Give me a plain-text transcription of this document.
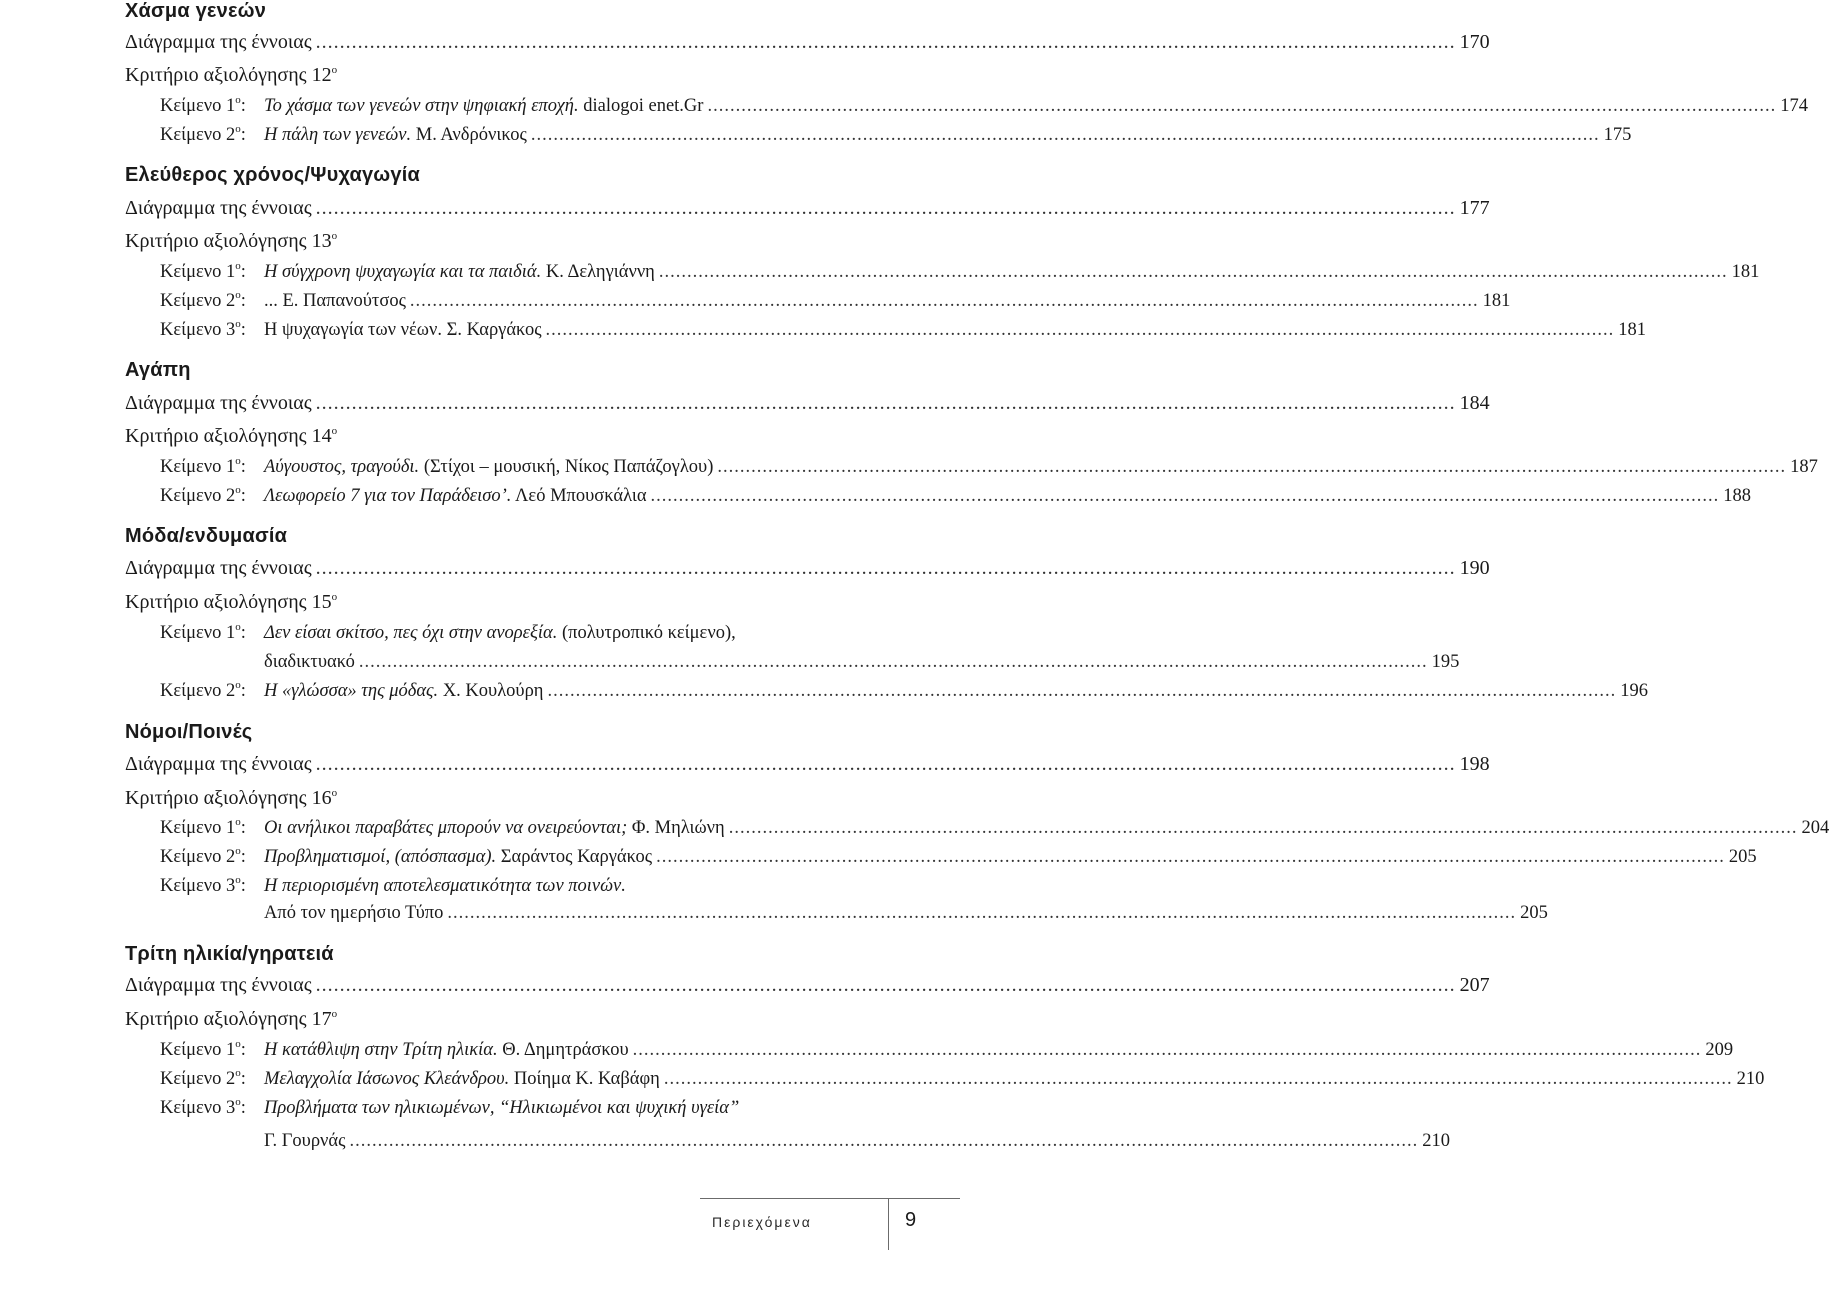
Χάσμα γενεών
Διάγραμμα της έννοιας .............................................................................................................................................................................................. 170
Κριτήριο αξιολόγησης $12^o$
Κείμενο $1^o$: Το χάσμα των γενεών στην ψηφιακή εποχή. dialogoi enet.Gr .............................................................................................................................................................................................. 174
Κείμενο $2^o$: Η πάλη των γενεών. Μ. Ανδρόνικος .............................................................................................................................................................................................. 175
Ελεύθερος χρόνος/Ψυχαγωγία
Διάγραμμα της έννοιας .............................................................................................................................................................................................. 177
Κριτήριο αξιολόγησης $13^o$
Κείμενο $1^o$: Η σύγχρονη ψυχαγωγία και τα παιδιά. Κ. Δεληγιάννη .............................................................................................................................................................................................. 181
Κείμενο $2^o$: ... Ε. Παπανούτσος .............................................................................................................................................................................................. 181
Κείμενο $3^o$: Η ψυχαγωγία των νέων. Σ. Καργάκος .............................................................................................................................................................................................. 181
Αγάπη
Διάγραμμα της έννοιας .............................................................................................................................................................................................. 184
Κριτήριο αξιολόγησης $14^o$
Κείμενο $1^o$: Αύγουστος, τραγούδι. (Στίχοι – μουσική, Νίκος Παπάζογλου) .............................................................................................................................................................................................. 187
Κείμενο $2^o$: Λεωφορείο 7 για τον Παράδεισο’. Λεό Μπουσκάλια .............................................................................................................................................................................................. 188
Μόδα/ενδυμασία
Διάγραμμα της έννοιας .............................................................................................................................................................................................. 190
Κριτήριο αξιολόγησης $15^o$
Κείμενο $1^o$: Δεν είσαι σκίτσο, πες όχι στην ανορεξία. (πολυτροπικό κείμενο),
διαδικτυακό .............................................................................................................................................................................................. 195
Κείμενο $2^o$: Η «γλώσσα» της μόδας. Χ. Κουλούρη .............................................................................................................................................................................................. 196
Νόμοι/Ποινές
Διάγραμμα της έννοιας .............................................................................................................................................................................................. 198
Κριτήριο αξιολόγησης $16^o$
Κείμενο $1^o$: Οι ανήλικοι παραβάτες μπορούν να ονειρεύονται; Φ. Μηλιώνη .............................................................................................................................................................................................. 204
Κείμενο $2^o$: Προβληματισμοί, (απόσπασμα). Σαράντος Καργάκος .............................................................................................................................................................................................. 205
Κείμενο $3^o$: Η περιορισμένη αποτελεσματικότητα των ποινών.
Από τον ημερήσιο Τύπο .............................................................................................................................................................................................. 205
Τρίτη ηλικία/γηρατειά
Διάγραμμα της έννοιας .............................................................................................................................................................................................. 207
Κριτήριο αξιολόγησης $17^o$
Κείμενο $1^o$: Η κατάθλιψη στην Τρίτη ηλικία. Θ. Δημητράσκου .............................................................................................................................................................................................. 209
Κείμενο $2^o$: Μελαγχολία Ιάσωνος Κλεάνδρου. Ποίημα Κ. Καβάφη .............................................................................................................................................................................................. 210
Κείμενο $3^o$: Προβλήματα των ηλικιωμένων, “Ηλικιωμένοι και ψυχική υγεία”
Γ. Γουρνάς .............................................................................................................................................................................................. 210
Περιεχόμενα	9
